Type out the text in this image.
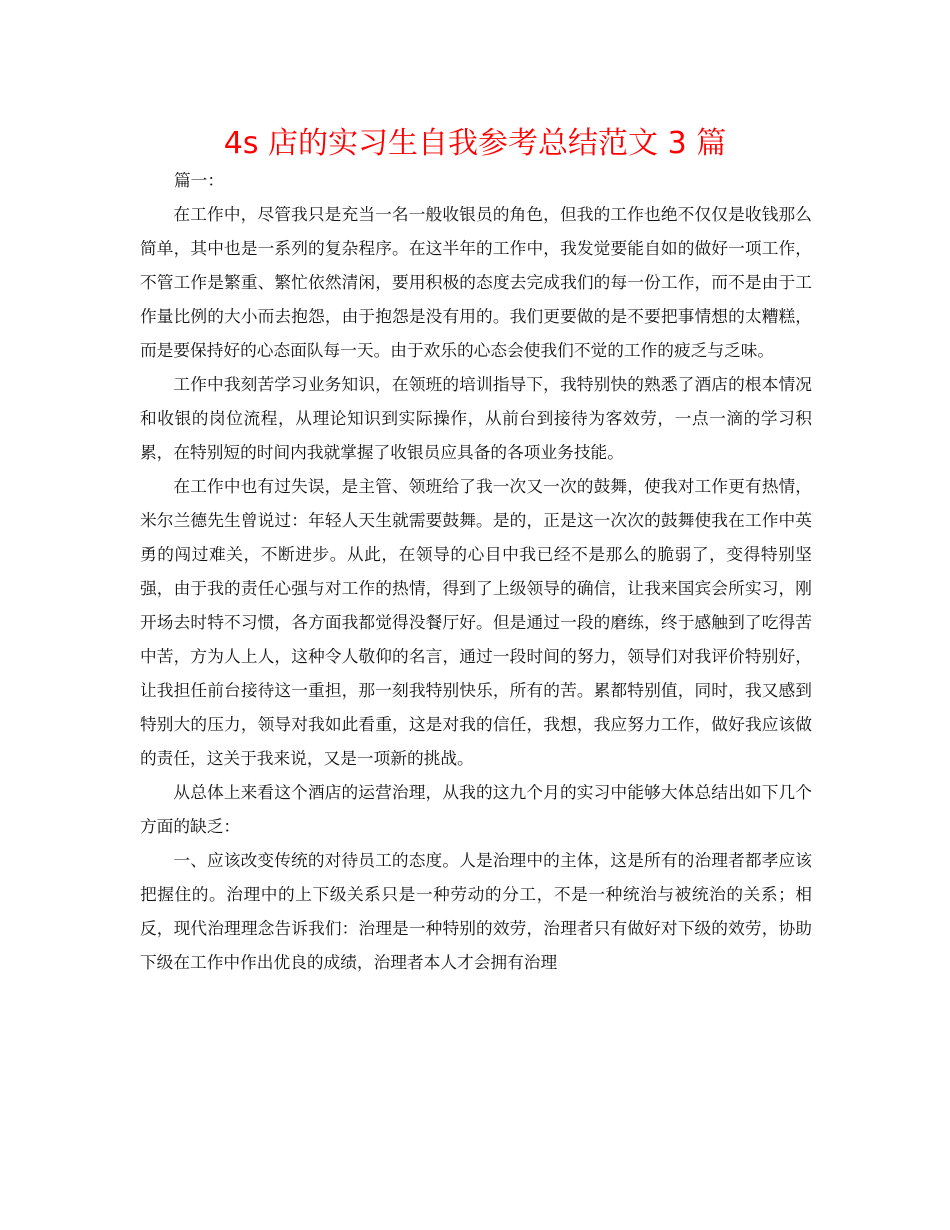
4s 店的实习生自我参考总结范文 3 篇

篇一：

在工作中，尽管我只是充当一名一般收银员的角色，但我的工作也绝不仅仅是收钱那么简单，其中也是一系列的复杂程序。在这半年的工作中，我发觉要能自如的做好一项工作，不管工作是繁重、繁忙依然清闲，要用积极的态度去完成我们的每一份工作，而不是由于工作量比例的大小而去抱怨，由于抱怨是没有用的。我们更要做的是不要把事情想的太糟糕，而是要保持好的心态面队每一天。由于欢乐的心态会使我们不觉的工作的疲乏与乏味。

工作中我刻苦学习业务知识，在领班的培训指导下，我特别快的熟悉了酒店的根本情况和收银的岗位流程，从理论知识到实际操作，从前台到接待为客效劳，一点一滴的学习积累，在特别短的时间内我就掌握了收银员应具备的各项业务技能。

在工作中也有过失误，是主管、领班给了我一次又一次的鼓舞，使我对工作更有热情，米尔兰德先生曾说过：年轻人天生就需要鼓舞。是的，正是这一次次的鼓舞使我在工作中英勇的闯过难关，不断进步。从此，在领导的心目中我已经不是那么的脆弱了，变得特别坚强，由于我的责任心强与对工作的热情，得到了上级领导的确信，让我来国宾会所实习，刚开场去时特不习惯，各方面我都觉得没餐厅好。但是通过一段的磨练，终于感触到了吃得苦中苦，方为人上人，这种令人敬仰的名言，通过一段时间的努力，领导们对我评价特别好，让我担任前台接待这一重担，那一刻我特别快乐，所有的苦。累都特别值，同时，我又感到特别大的压力，领导对我如此看重，这是对我的信任，我想，我应努力工作，做好我应该做的责任，这关于我来说，又是一项新的挑战。

从总体上来看这个酒店的运营治理，从我的这九个月的实习中能够大体总结出如下几个方面的缺乏：

一、应该改变传统的对待员工的态度。人是治理中的主体，这是所有的治理者都孝应该把握住的。治理中的上下级关系只是一种劳动的分工，不是一种统治与被统治的关系；相反，现代治理理念告诉我们：治理是一种特别的效劳，治理者只有做好对下级的效劳，协助下级在工作中作出优良的成绩，治理者本人才会拥有治理
